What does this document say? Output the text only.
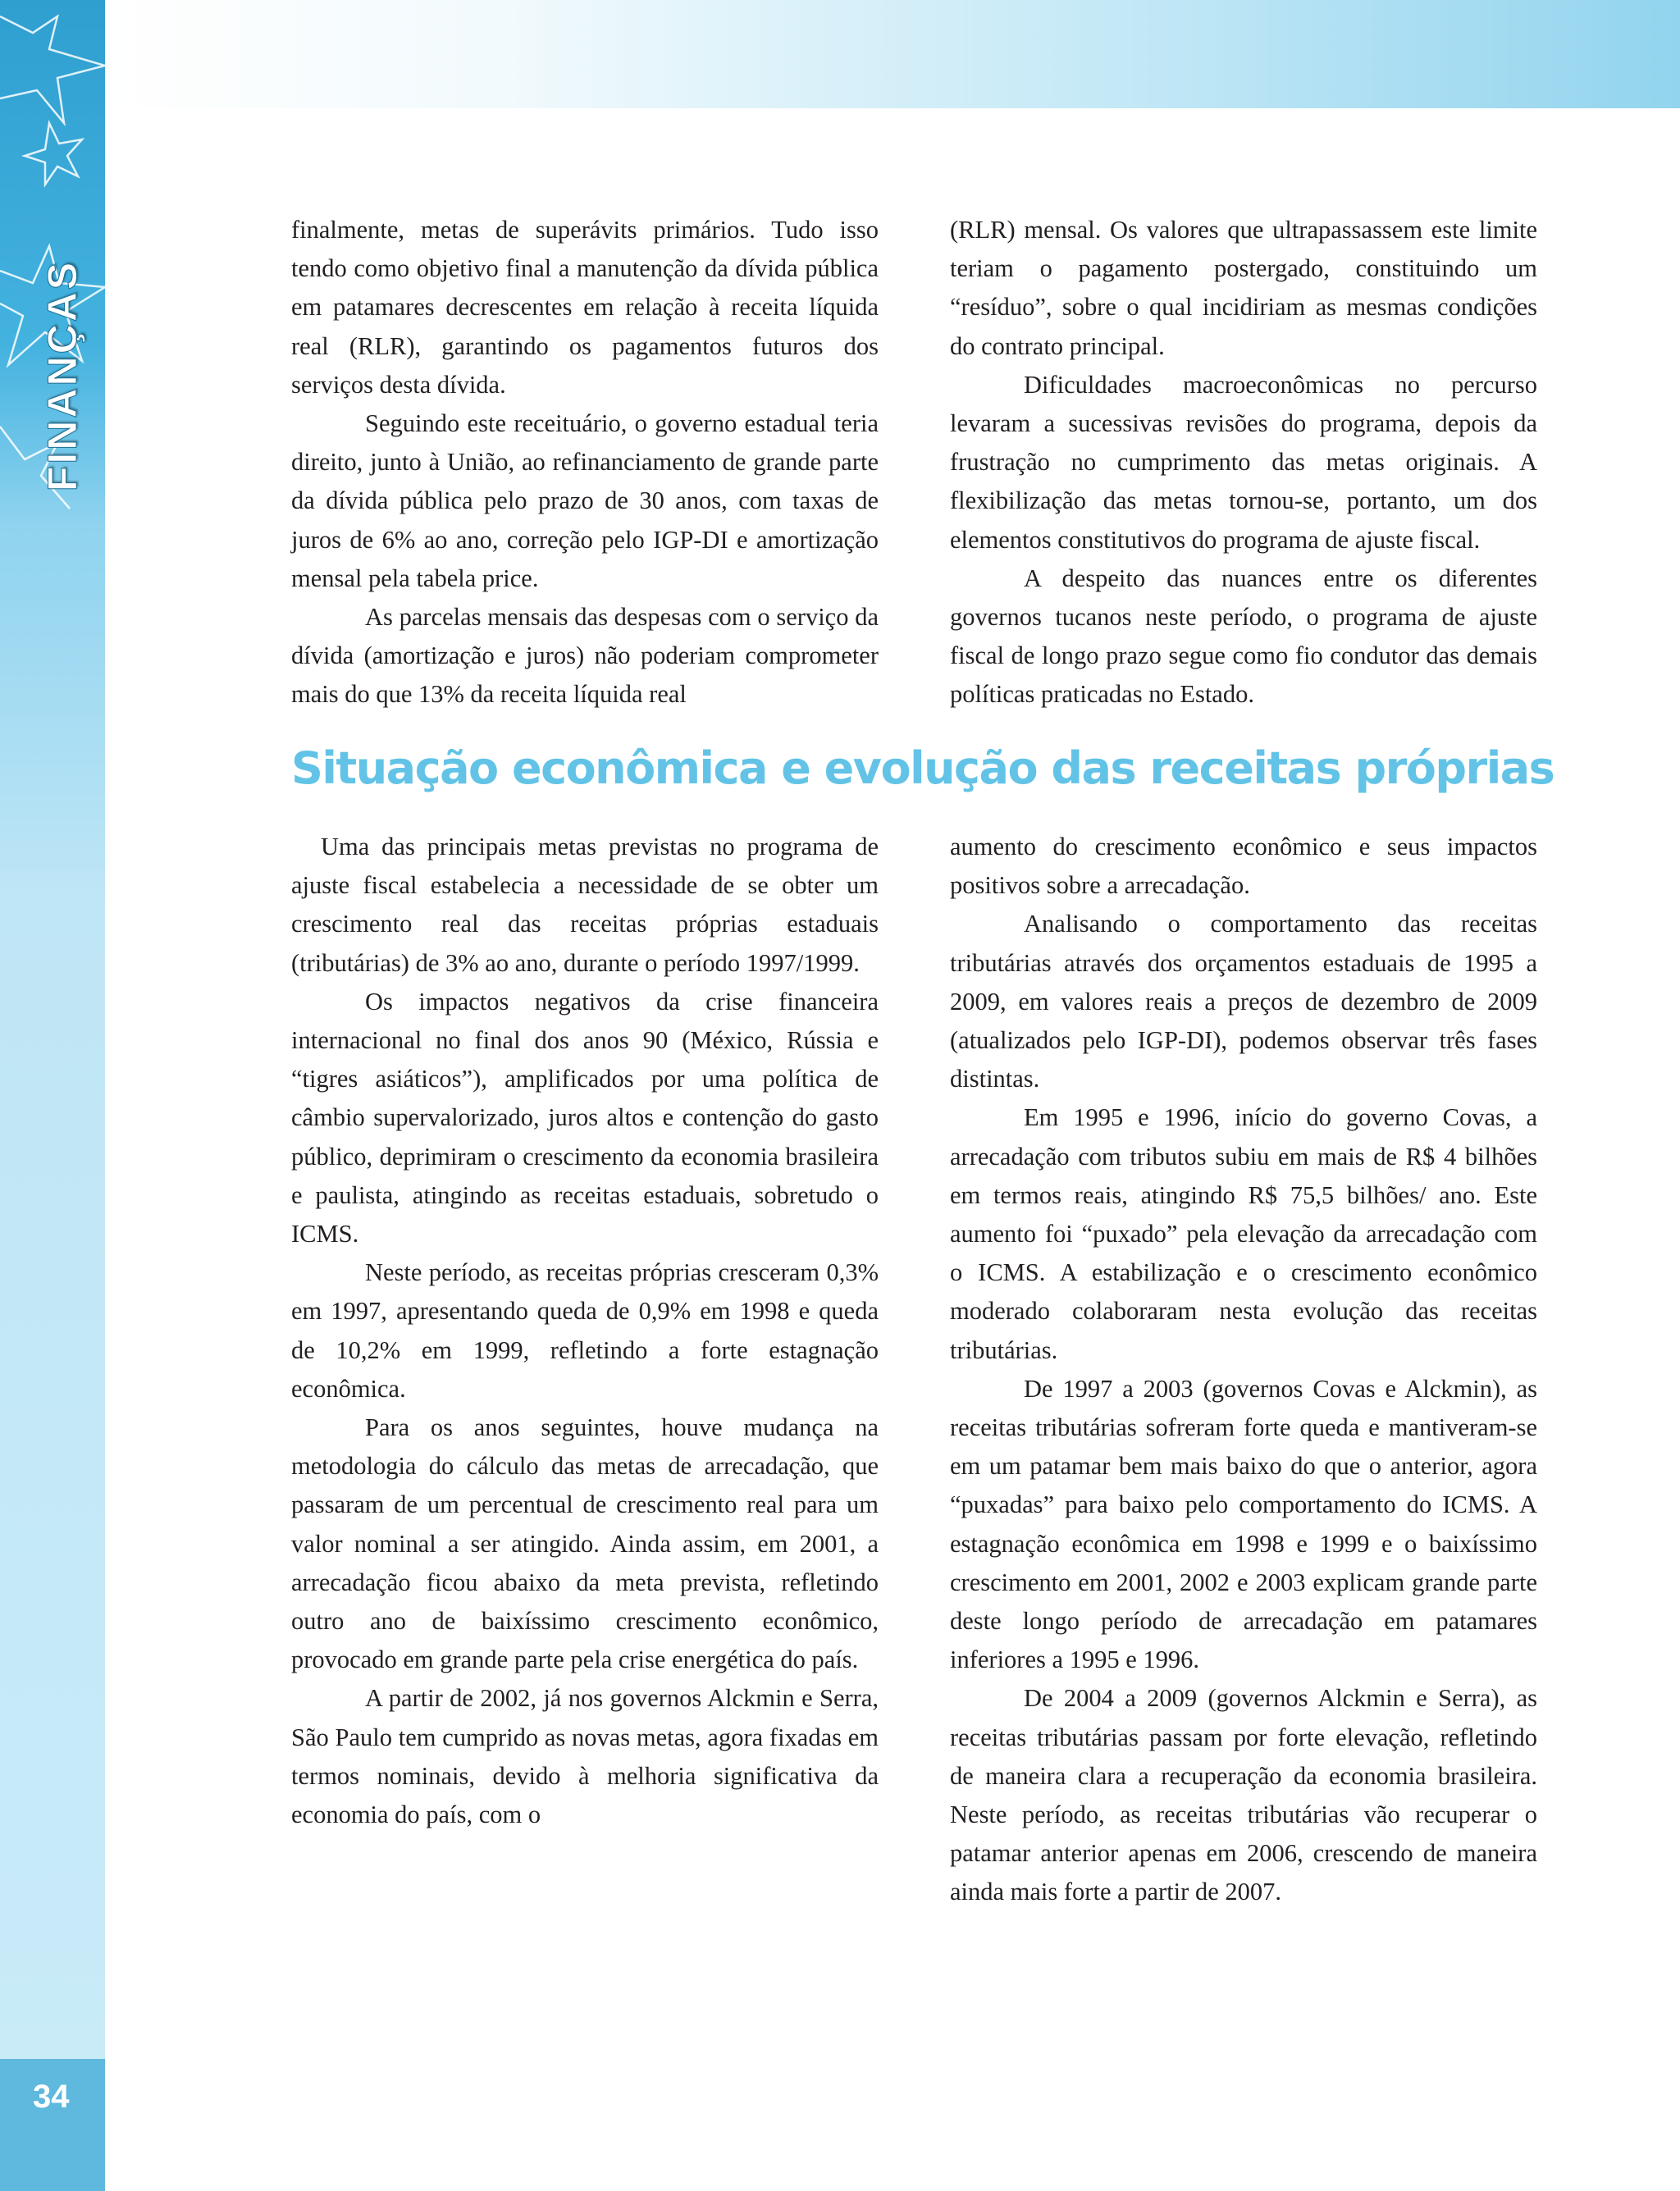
FINANÇAS
34

finalmente, metas de superávits primários. Tudo isso tendo como objetivo final a manutenção da dívida pública em patamares decrescentes em relação à receita líquida real (RLR), garantindo os pagamentos futuros dos serviços desta dívida.

Seguindo este receituário, o governo estadual teria direito, junto à União, ao refinanciamento de grande parte da dívida pública pelo prazo de 30 anos, com taxas de juros de 6% ao ano, correção pelo IGP-DI e amortização mensal pela tabela price.

As parcelas mensais das despesas com o serviço da dívida (amortização e juros) não poderiam comprometer mais do que 13% da receita líquida real

(RLR) mensal. Os valores que ultrapassassem este limite teriam o pagamento postergado, constituindo um “resíduo”, sobre o qual incidiriam as mesmas condições do contrato principal.

Dificuldades macroeconômicas no percurso levaram a sucessivas revisões do programa, depois da frustração no cumprimento das metas originais. A flexibilização das metas tornou-se, portanto, um dos elementos constitutivos do programa de ajuste fiscal.

A despeito das nuances entre os diferentes governos tucanos neste período, o programa de ajuste fiscal de longo prazo segue como fio condutor das demais políticas praticadas no Estado.

Situação econômica e evolução das receitas próprias

Uma das principais metas previstas no programa de ajuste fiscal estabelecia a necessidade de se obter um crescimento real das receitas próprias estaduais (tributárias) de 3% ao ano, durante o período 1997/1999.

Os impactos negativos da crise financeira internacional no final dos anos 90 (México, Rússia e “tigres asiáticos”), amplificados por uma política de câmbio supervalorizado, juros altos e contenção do gasto público, deprimiram o crescimento da economia brasileira e paulista, atingindo as receitas estaduais, sobretudo o ICMS.

Neste período, as receitas próprias cresceram 0,3% em 1997, apresentando queda de 0,9% em 1998 e queda de 10,2% em 1999, refletindo a forte estagnação econômica.

Para os anos seguintes, houve mudança na metodologia do cálculo das metas de arrecadação, que passaram de um percentual de crescimento real para um valor nominal a ser atingido. Ainda assim, em 2001, a arrecadação ficou abaixo da meta prevista, refletindo outro ano de baixíssimo crescimento econômico, provocado em grande parte pela crise energética do país.

A partir de 2002, já nos governos Alckmin e Serra, São Paulo tem cumprido as novas metas, agora fixadas em termos nominais, devido à melhoria significativa da economia do país, com o

aumento do crescimento econômico e seus impactos positivos sobre a arrecadação.

Analisando o comportamento das receitas tributárias através dos orçamentos estaduais de 1995 a 2009, em valores reais a preços de dezembro de 2009 (atualizados pelo IGP-DI), podemos observar três fases distintas.

Em 1995 e 1996, início do governo Covas, a arrecadação com tributos subiu em mais de R$ 4 bilhões em termos reais, atingindo R$ 75,5 bilhões/ ano. Este aumento foi “puxado” pela elevação da arrecadação com o ICMS. A estabilização e o crescimento econômico moderado colaboraram nesta evolução das receitas tributárias.

De 1997 a 2003 (governos Covas e Alckmin), as receitas tributárias sofreram forte queda e mantiveram-se em um patamar bem mais baixo do que o anterior, agora “puxadas” para baixo pelo comportamento do ICMS. A estagnação econômica em 1998 e 1999 e o baixíssimo crescimento em 2001, 2002 e 2003 explicam grande parte deste longo período de arrecadação em patamares inferiores a 1995 e 1996.

De 2004 a 2009 (governos Alckmin e Serra), as receitas tributárias passam por forte elevação, refletindo de maneira clara a recuperação da economia brasileira. Neste período, as receitas tributárias vão recuperar o patamar anterior apenas em 2006, crescendo de maneira ainda mais forte a partir de 2007.
